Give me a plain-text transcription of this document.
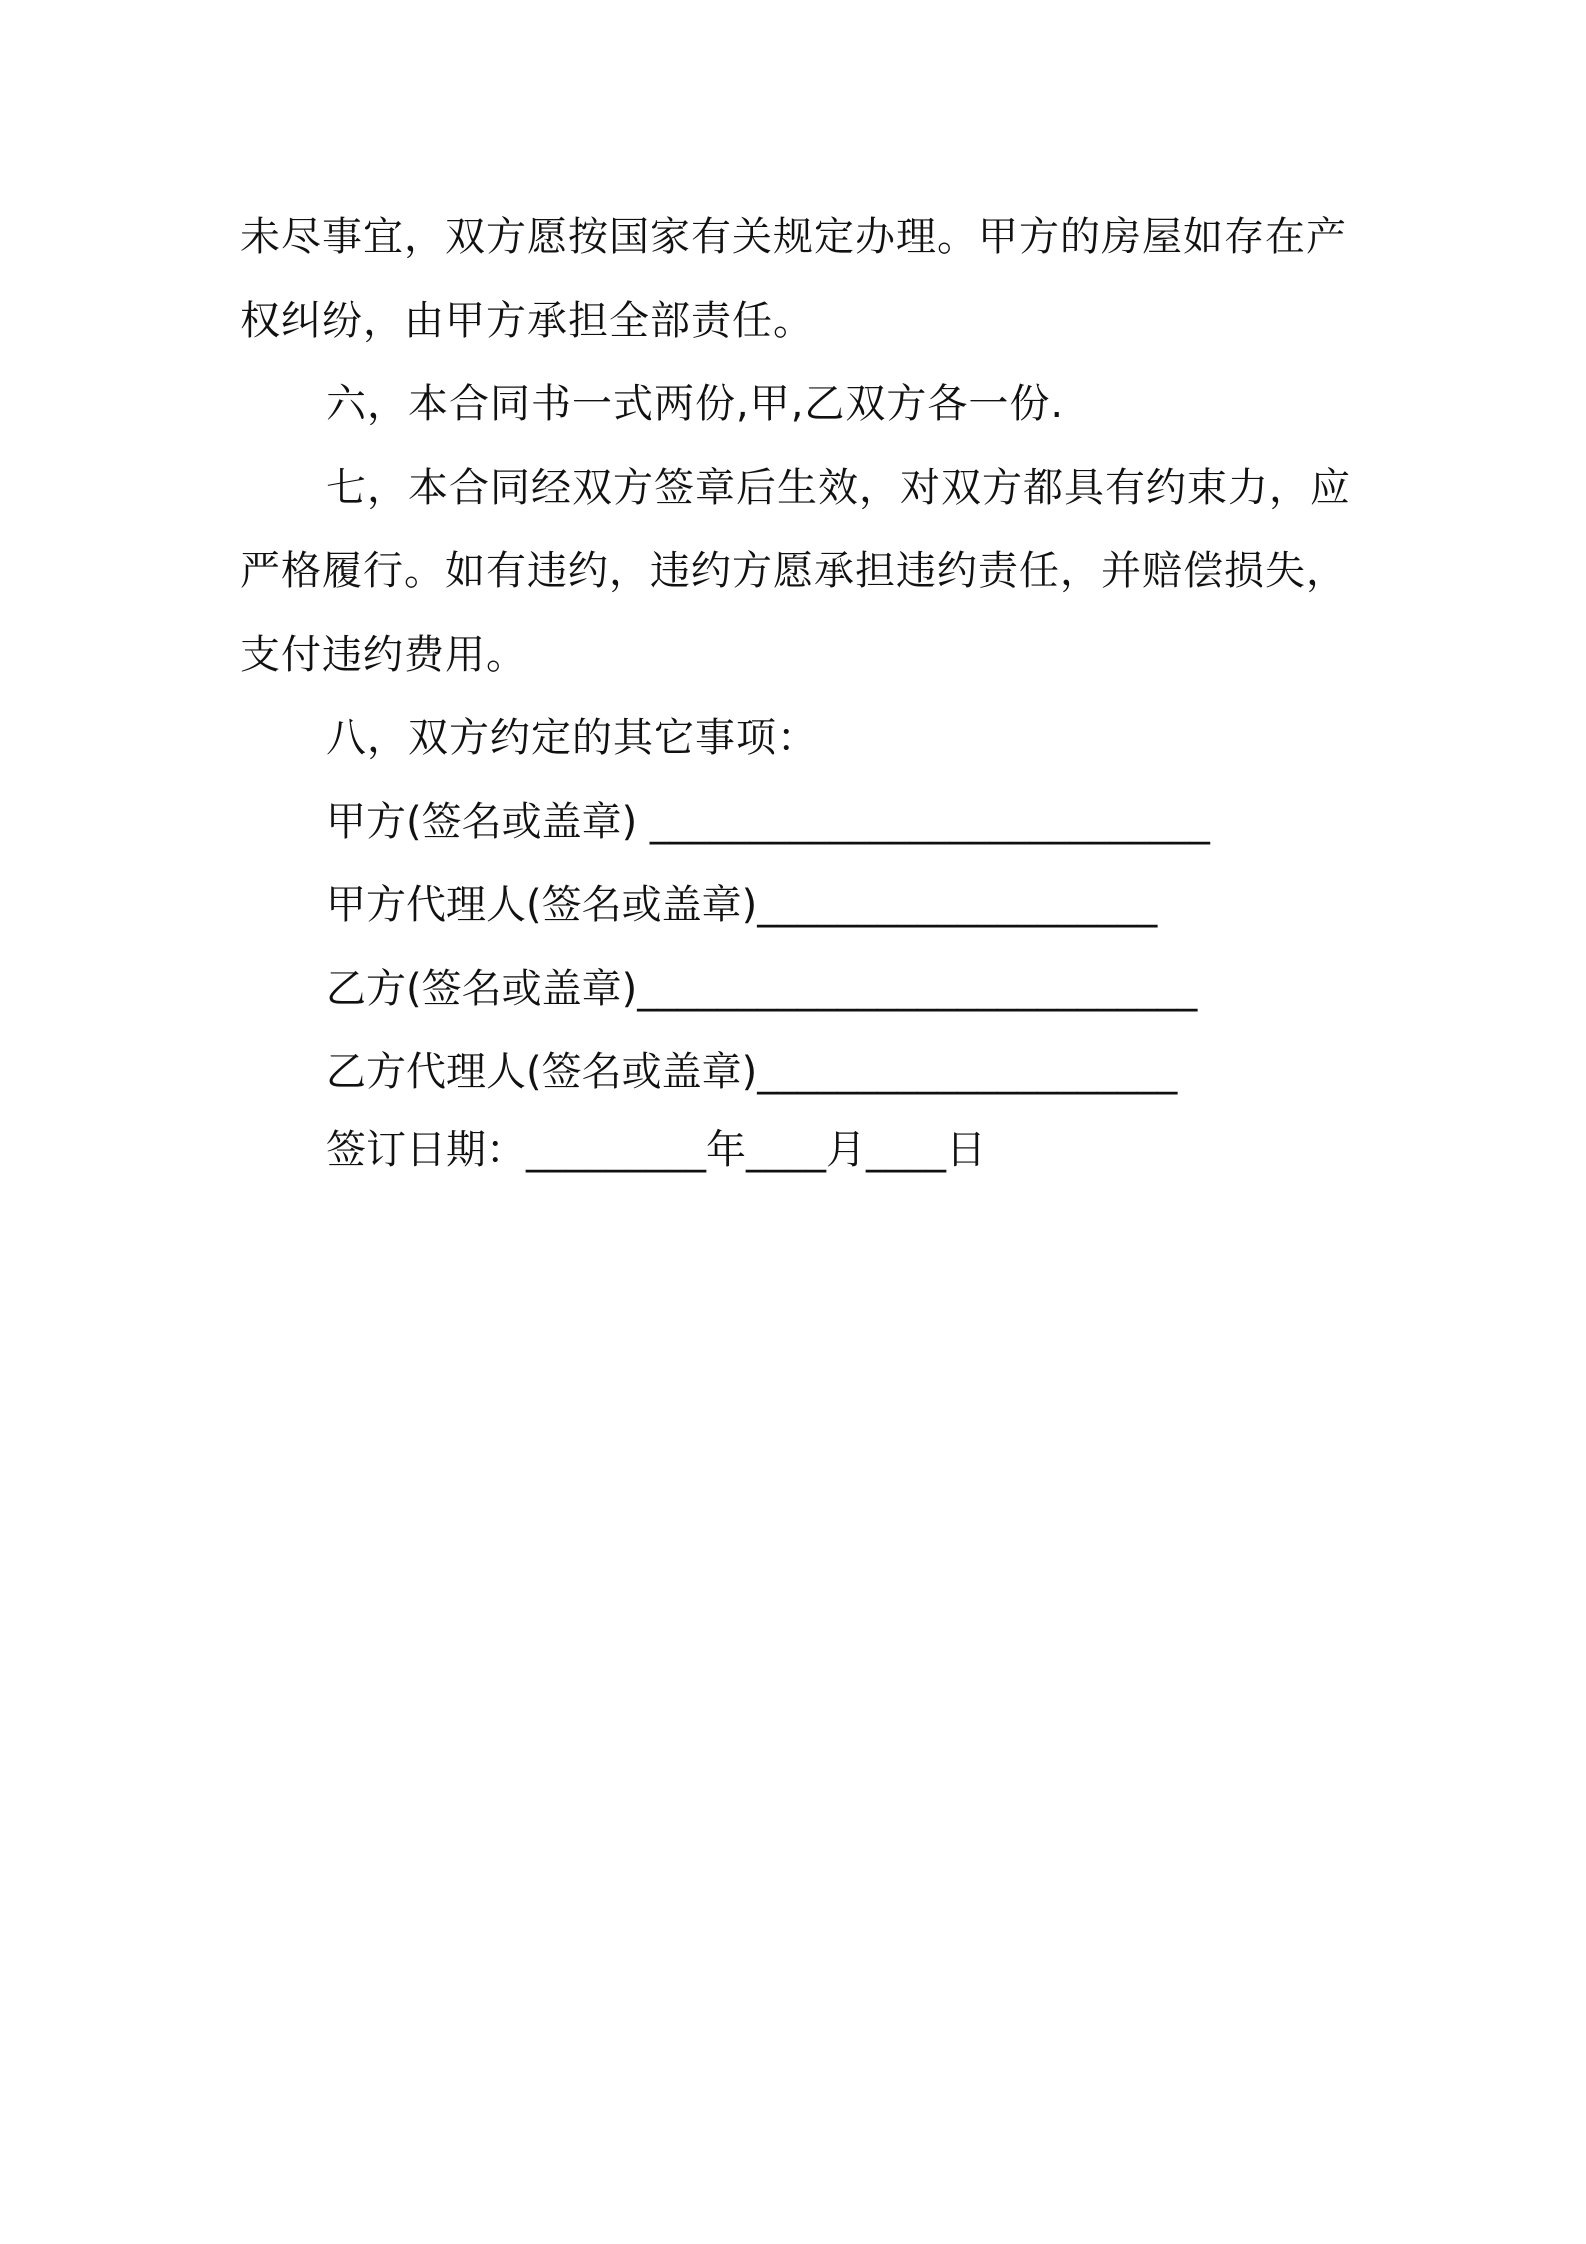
未尽事宜，双方愿按国家有关规定办理。甲方的房屋如存在产权纠纷，由甲方承担全部责任。

六，本合同书一式两份,甲,乙双方各一份.

七，本合同经双方签章后生效，对双方都具有约束力，应严格履行。如有违约，违约方愿承担违约责任，并赔偿损失，支付违约费用。

八，双方约定的其它事项：

甲方(签名或盖章) ____________________________

甲方代理人(签名或盖章)____________________

乙方(签名或盖章)____________________________

乙方代理人(签名或盖章)_____________________

签订日期：_________年____月____日
